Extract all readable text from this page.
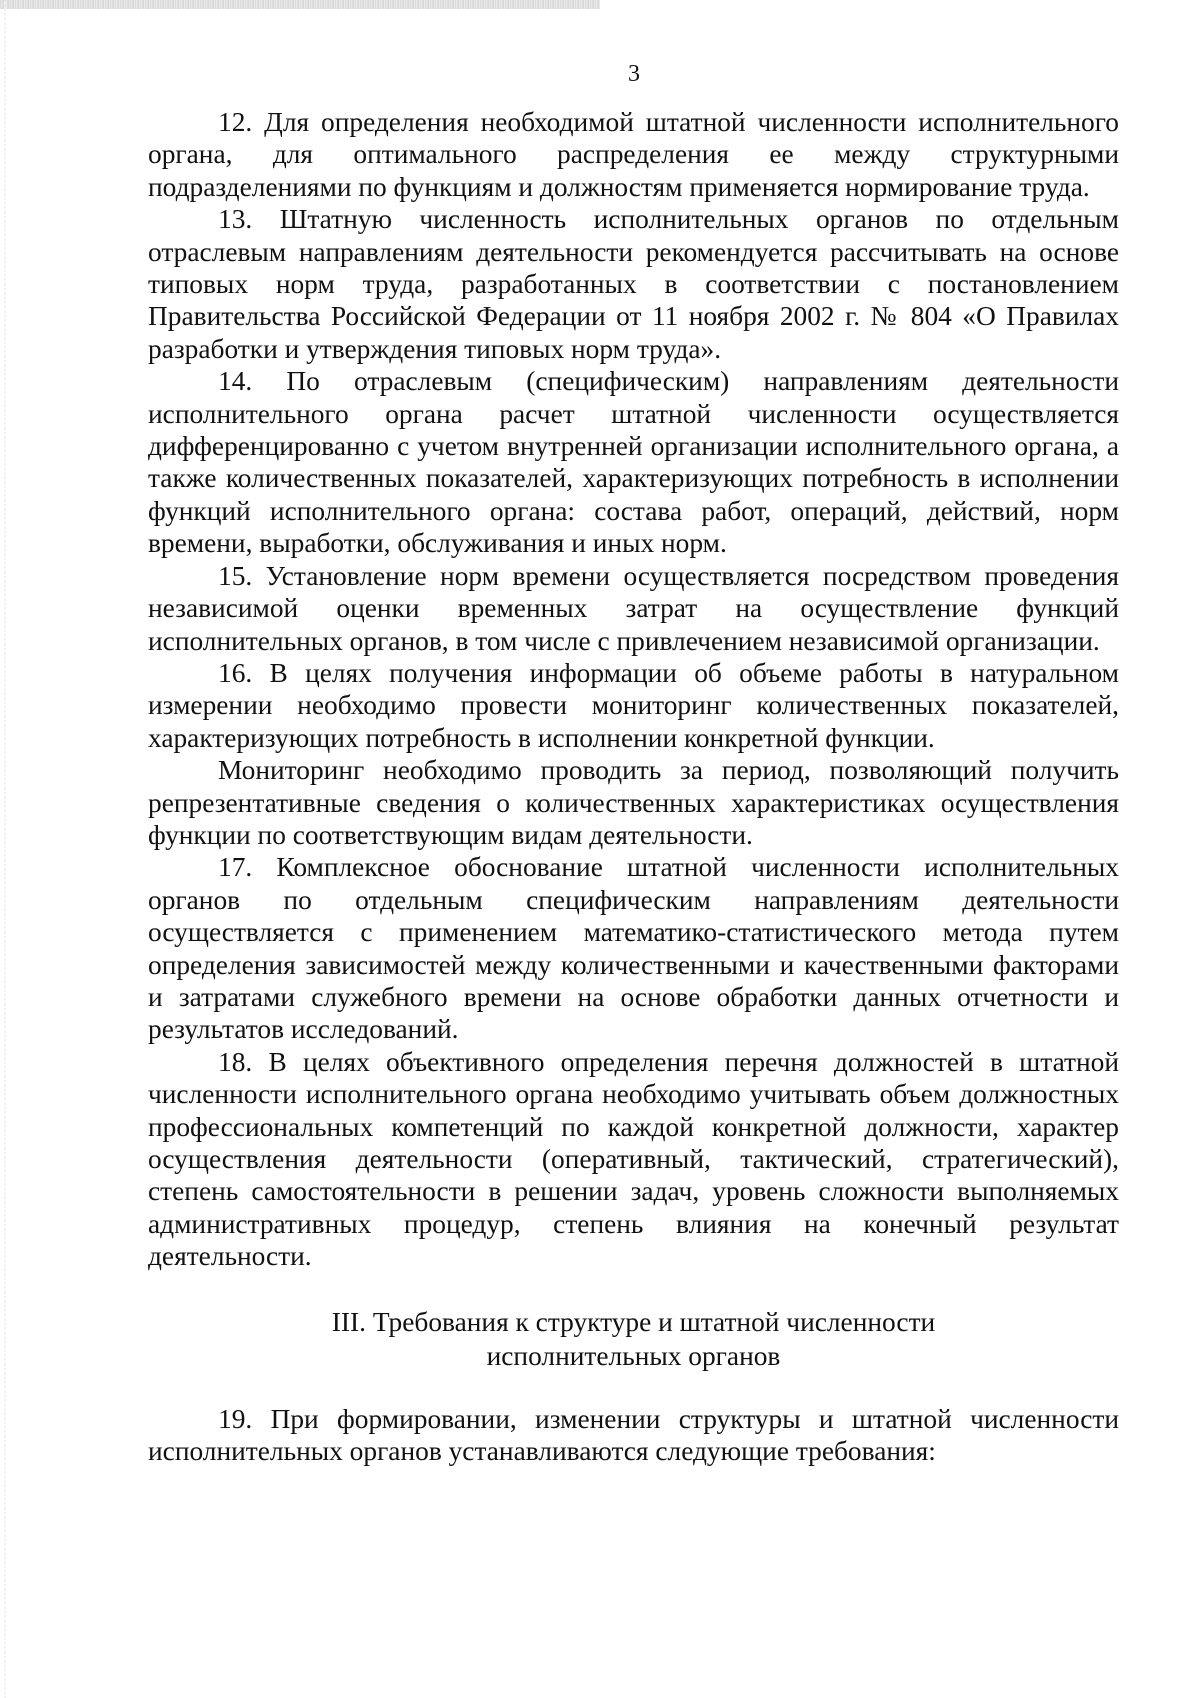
3

12. Для определения необходимой штатной численности исполнительного органа, для оптимального распределения ее между структурными подразделениями по функциям и должностям применяется нормирование труда.

13. Штатную численность исполнительных органов по отдельным отраслевым направлениям деятельности рекомендуется рассчитывать на основе типовых норм труда, разработанных в соответствии с постановлением Правительства Российской Федерации от 11 ноября 2002 г. № 804 «О Правилах разработки и утверждения типовых норм труда».

14. По отраслевым (специфическим) направлениям деятельности исполнительного органа расчет штатной численности осуществляется дифференцированно с учетом внутренней организации исполнительного органа, а также количественных показателей, характеризующих потребность в исполнении функций исполнительного органа: состава работ, операций, действий, норм времени, выработки, обслуживания и иных норм.

15. Установление норм времени осуществляется посредством проведения независимой оценки временных затрат на осуществление функций исполнительных органов, в том числе с привлечением независимой организации.

16. В целях получения информации об объеме работы в натуральном измерении необходимо провести мониторинг количественных показателей, характеризующих потребность в исполнении конкретной функции.

Мониторинг необходимо проводить за период, позволяющий получить репрезентативные сведения о количественных характеристиках осуществления функции по соответствующим видам деятельности.

17. Комплексное обоснование штатной численности исполнительных органов по отдельным специфическим направлениям деятельности осуществляется с применением математико-статистического метода путем определения зависимостей между количественными и качественными факторами и затратами служебного времени на основе обработки данных отчетности и результатов исследований.

18. В целях объективного определения перечня должностей в штатной численности исполнительного органа необходимо учитывать объем должностных профессиональных компетенций по каждой конкретной должности, характер осуществления деятельности (оперативный, тактический, стратегический), степень самостоятельности в решении задач, уровень сложности выполняемых административных процедур, степень влияния на конечный результат деятельности.

III. Требования к структуре и штатной численности
исполнительных органов

19. При формировании, изменении структуры и штатной численности исполнительных органов устанавливаются следующие требования:
